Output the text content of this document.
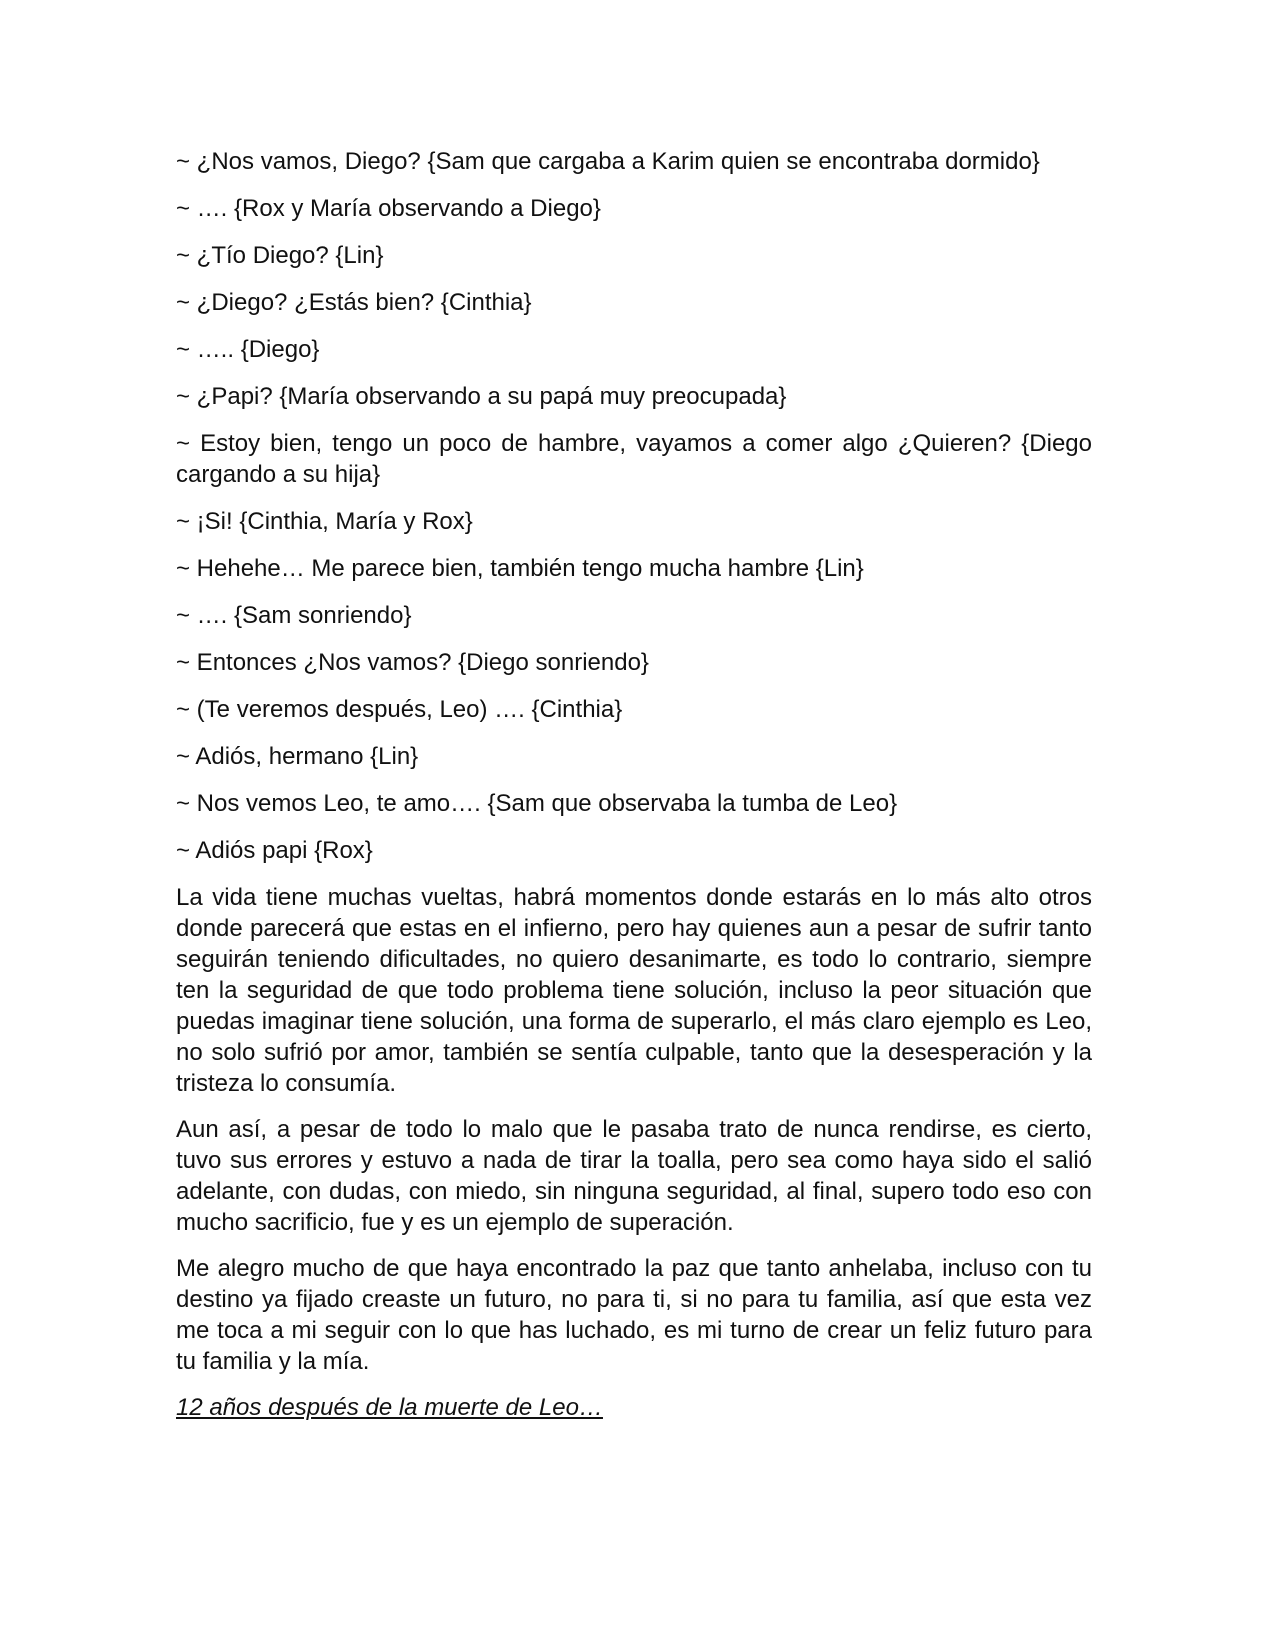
~ ¿Nos vamos, Diego? {Sam que cargaba a Karim quien se encontraba dormido}

~ …. {Rox y María observando a Diego}

~ ¿Tío Diego? {Lin}

~ ¿Diego? ¿Estás bien? {Cinthia}

~ ….. {Diego}

~ ¿Papi? {María observando a su papá muy preocupada}

~ Estoy bien, tengo un poco de hambre, vayamos a comer algo ¿Quieren? {Diego cargando a su hija}

~ ¡Si! {Cinthia, María y Rox}

~ Hehehe… Me parece bien, también tengo mucha hambre {Lin}

~ …. {Sam sonriendo}

~ Entonces ¿Nos vamos? {Diego sonriendo}

~ (Te veremos después, Leo) …. {Cinthia}

~ Adiós, hermano {Lin}

~ Nos vemos Leo, te amo…. {Sam que observaba la tumba de Leo}

~ Adiós papi {Rox}

La vida tiene muchas vueltas, habrá momentos donde estarás en lo más alto otros donde parecerá que estas en el infierno, pero hay quienes aun a pesar de sufrir tanto seguirán teniendo dificultades, no quiero desanimarte, es todo lo contrario, siempre ten la seguridad de que todo problema tiene solución, incluso la peor situación que puedas imaginar tiene solución, una forma de superarlo, el más claro ejemplo es Leo, no solo sufrió por amor, también se sentía culpable, tanto que la desesperación y la tristeza lo consumía.

Aun así, a pesar de todo lo malo que le pasaba trato de nunca rendirse, es cierto, tuvo sus errores y estuvo a nada de tirar la toalla, pero sea como haya sido el salió adelante, con dudas, con miedo, sin ninguna seguridad, al final, supero todo eso con mucho sacrificio, fue y es un ejemplo de superación.

Me alegro mucho de que haya encontrado la paz que tanto anhelaba, incluso con tu destino ya fijado creaste un futuro, no para ti, si no para tu familia, así que esta vez me toca a mi seguir con lo que has luchado, es mi turno de crear un feliz futuro para tu familia y la mía.

12 años después de la muerte de Leo…
